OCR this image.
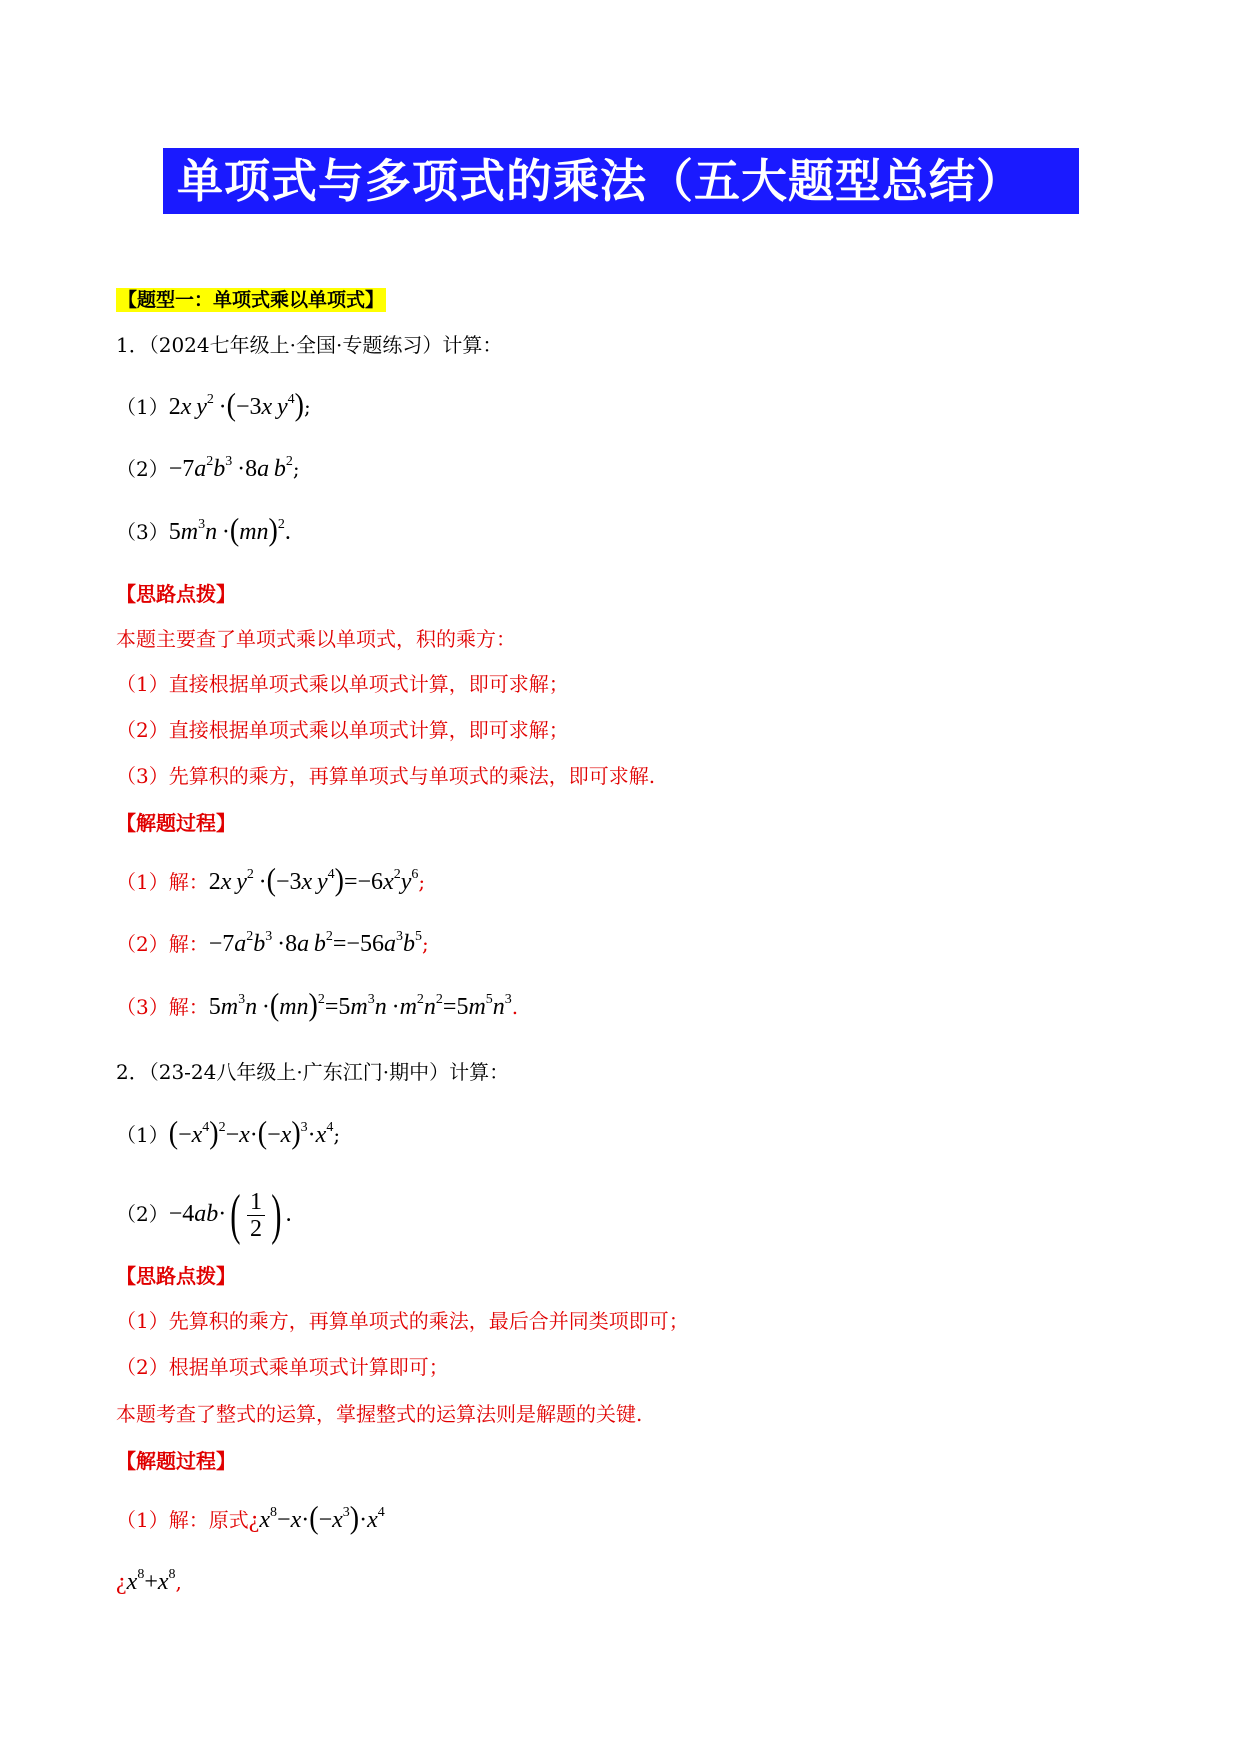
单项式与多项式的乘法（五大题型总结）
【题型一：单项式乘以单项式】
1．（2024七年级上·全国·专题练习）计算：
（1）2x  $y^2 \cdot(-3x$  $y^4$);
$(2)-7a^2b^3 \cdot 8a$  $b^2$;
$(3)5m^3n \cdot(mn)^2$.
【思路点拨】
本题主要查了单项式乘以单项式，积的乘方：
（1）直接根据单项式乘以单项式计算，即可求解；
（2）直接根据单项式乘以单项式计算，即可求解；
（3）先算积的乘方，再算单项式与单项式的乘法，即可求解.
【解题过程】
（1）解：2x  $y^2 \cdot(-3x$  $y^4)=-6x^2y^6$;
（2）解：$-7a^2b^3 \cdot 8a$  $b^2=-56a^3b^5$;
（3）解：$5m^3n \cdot(mn)^2=5m^3n \cdot m^2n^2=5m^5n^3$.
2．（23-24八年级上·广东江门·期中）计算：
$(1)(-x^4)^2-x\cdot(-x)^3\cdot x^4$;
$(2)-4ab\cdot( \frac{1}{2}$ ) .
【思路点拨】
（1）先算积的乘方，再算单项式的乘法，最后合并同类项即可；
（2）根据单项式乘单项式计算即可；
本题考查了整式的运算，掌握整式的运算法则是解题的关键.
【解题过程】
（1）解：原式¿$x^8-x\cdot(-x^3)\cdot x^4$
¿$x^8+x^8$,
